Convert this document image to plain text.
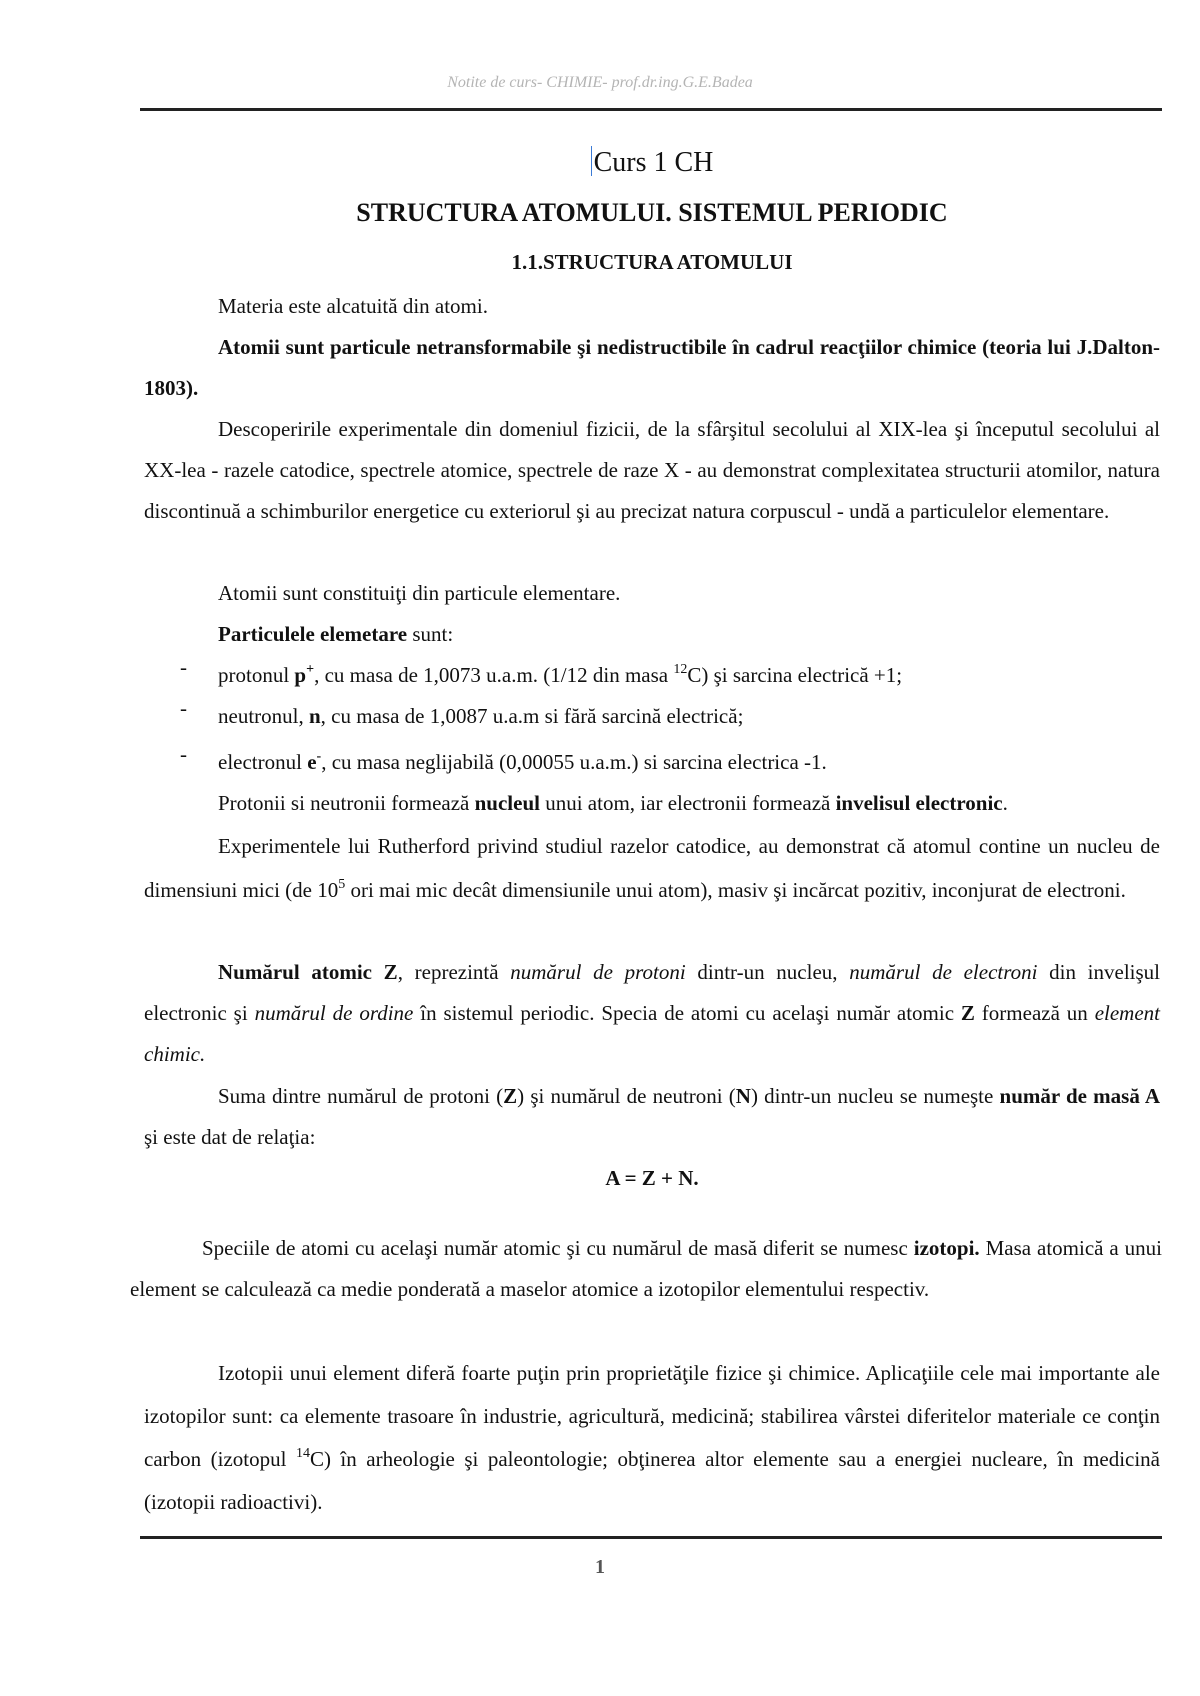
Notite de curs- CHIMIE- prof.dr.ing.G.E.Badea
Curs 1 CH
STRUCTURA ATOMULUI. SISTEMUL PERIODIC
1.1.STRUCTURA ATOMULUI
Materia este alcatuită din atomi.
Atomii sunt particule netransformabile şi nedistructibile în cadrul reacţiilor chimice (teoria lui J.Dalton-1803).
Descoperirile experimentale din domeniul fizicii, de la sfârşitul secolului al XIX-lea şi începutul secolului al XX-lea - razele catodice, spectrele atomice, spectrele de raze X - au demonstrat complexitatea structurii atomilor, natura discontinuă a schimburilor energetice cu exteriorul şi au precizat natura corpuscul - undă a particulelor elementare.
Atomii sunt constituiţi din particule elementare.
Particulele elemetare sunt:
- protonul p+, cu masa de 1,0073 u.a.m. (1/12 din masa $^{12}$C) şi sarcina electrică +1;
- neutronul, n, cu masa de 1,0087 u.a.m si fără sarcină electrică;
- electronul e-, cu masa neglijabilă (0,00055 u.a.m.) si sarcina electrica -1.
Protonii si neutronii formează nucleul unui atom, iar electronii formează invelisul electronic.
Experimentele lui Rutherford privind studiul razelor catodice, au demonstrat că atomul contine un nucleu de dimensiuni mici (de $10^5$ ori mai mic decât dimensiunile unui atom), masiv şi incărcat pozitiv, inconjurat de electroni.
Numărul atomic Z, reprezintă numărul de protoni dintr-un nucleu, numărul de electroni din invelişul electronic şi numărul de ordine în sistemul periodic. Specia de atomi cu acelaşi număr atomic Z formează un element chimic.
Suma dintre numărul de protoni (Z) şi numărul de neutroni (N) dintr-un nucleu se numeşte număr de masă A şi este dat de relaţia:
A = Z + N.
Speciile de atomi cu acelaşi număr atomic şi cu numărul de masă diferit se numesc izotopi. Masa atomică a unui element se calculează ca medie ponderată a maselor atomice a izotopilor elementului respectiv.
Izotopii unui element diferă foarte puţin prin proprietăţile fizice şi chimice. Aplicaţiile cele mai importante ale izotopilor sunt: ca elemente trasoare în industrie, agricultură, medicină; stabilirea vârstei diferitelor materiale ce conţin carbon (izotopul $^{14}$C) în arheologie şi paleontologie; obţinerea altor elemente sau a energiei nucleare, în medicină (izotopii radioactivi).
1
